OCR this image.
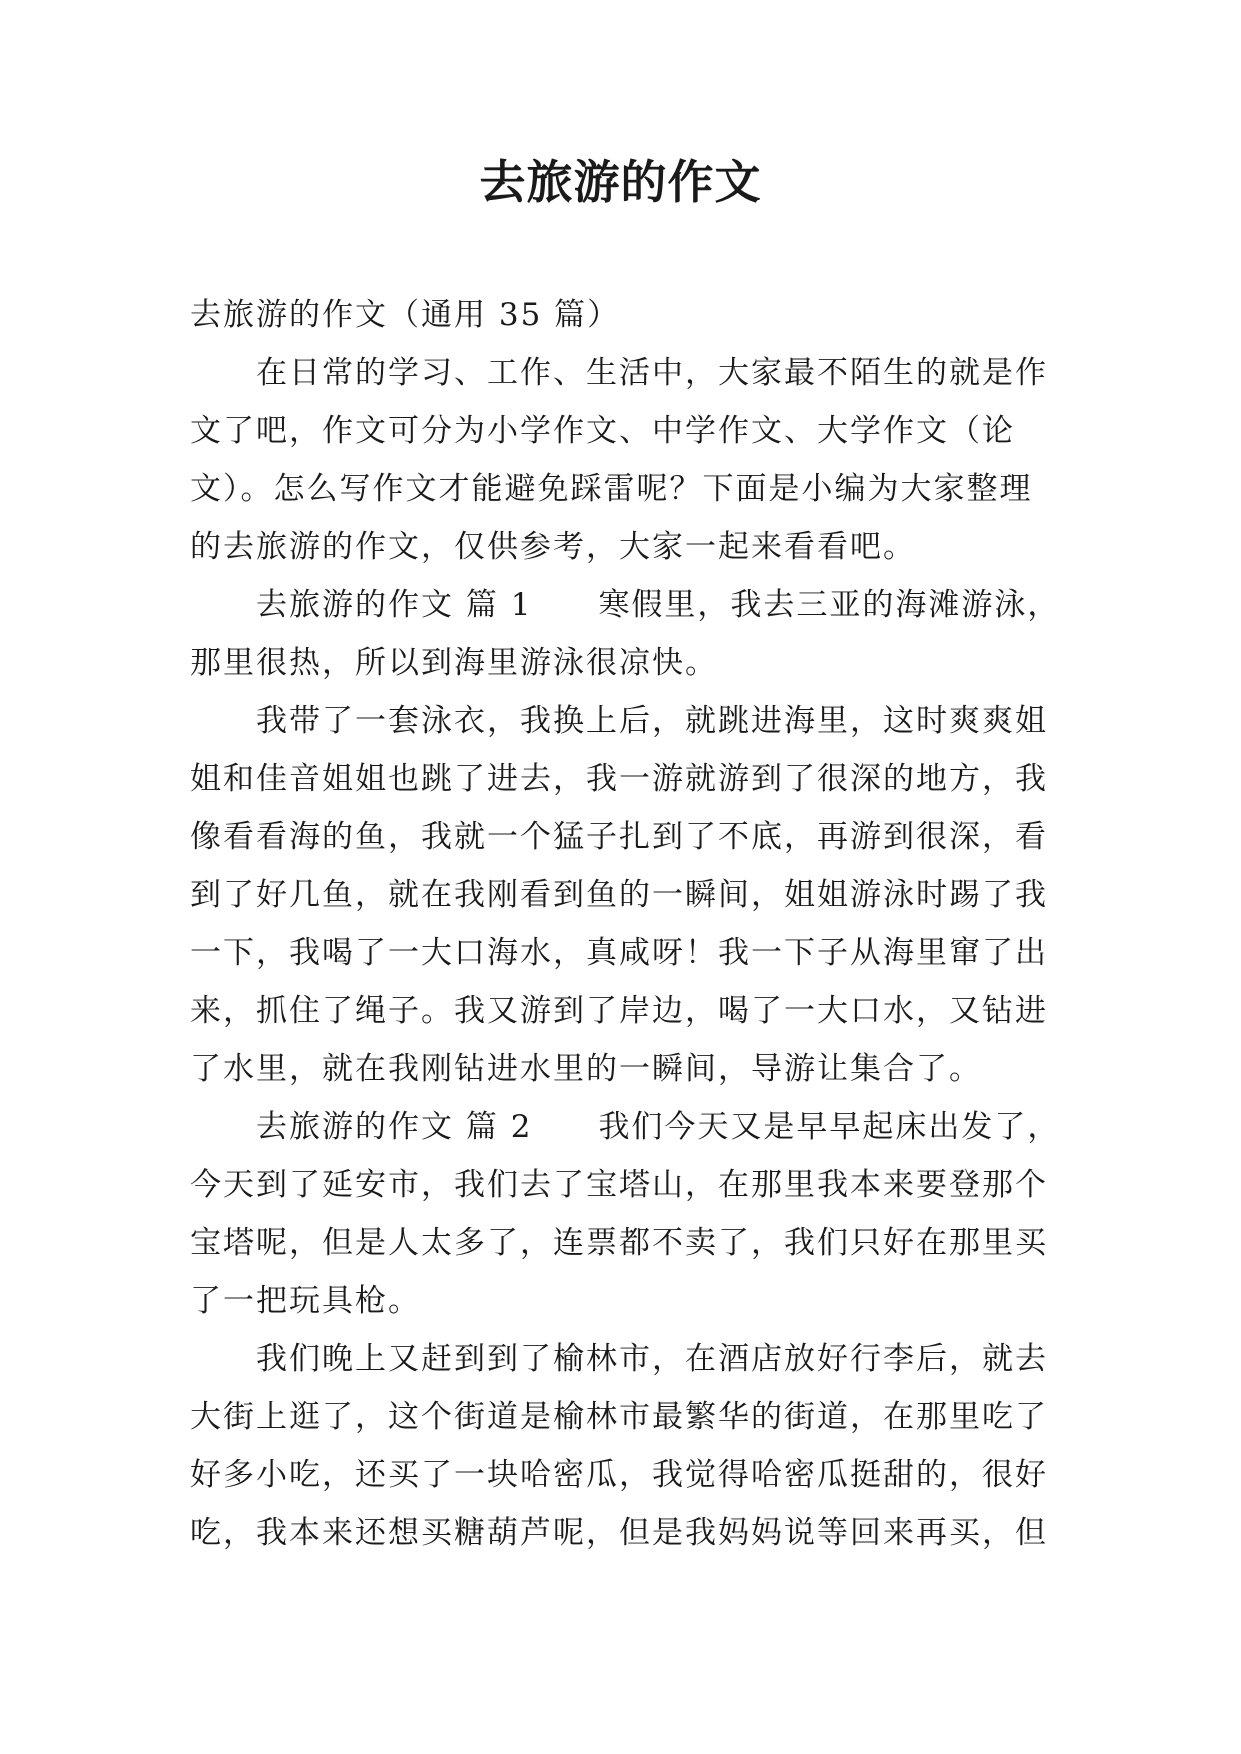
去旅游的作文
去旅游的作文（通用 35 篇）
在日常的学习、工作、生活中，大家最不陌生的就是作
文了吧，作文可分为小学作文、中学作文、大学作文（论
文）。怎么写作文才能避免踩雷呢？下面是小编为大家整理
的去旅游的作文，仅供参考，大家一起来看看吧。
去旅游的作文 篇 1 寒假里，我去三亚的海滩游泳，
那里很热，所以到海里游泳很凉快。
我带了一套泳衣，我换上后，就跳进海里，这时爽爽姐
姐和佳音姐姐也跳了进去，我一游就游到了很深的地方，我
像看看海的鱼，我就一个猛子扎到了不底，再游到很深，看
到了好几鱼，就在我刚看到鱼的一瞬间，姐姐游泳时踢了我
一下，我喝了一大口海水，真咸呀！我一下子从海里窜了出
来，抓住了绳子。我又游到了岸边，喝了一大口水，又钻进
了水里，就在我刚钻进水里的一瞬间，导游让集合了。
去旅游的作文 篇 2 我们今天又是早早起床出发了，
今天到了延安市，我们去了宝塔山，在那里我本来要登那个
宝塔呢，但是人太多了，连票都不卖了，我们只好在那里买
了一把玩具枪。
我们晚上又赶到到了榆林市，在酒店放好行李后，就去
大街上逛了，这个街道是榆林市最繁华的街道，在那里吃了
好多小吃，还买了一块哈密瓜，我觉得哈密瓜挺甜的，很好
吃，我本来还想买糖葫芦呢，但是我妈妈说等回来再买，但
